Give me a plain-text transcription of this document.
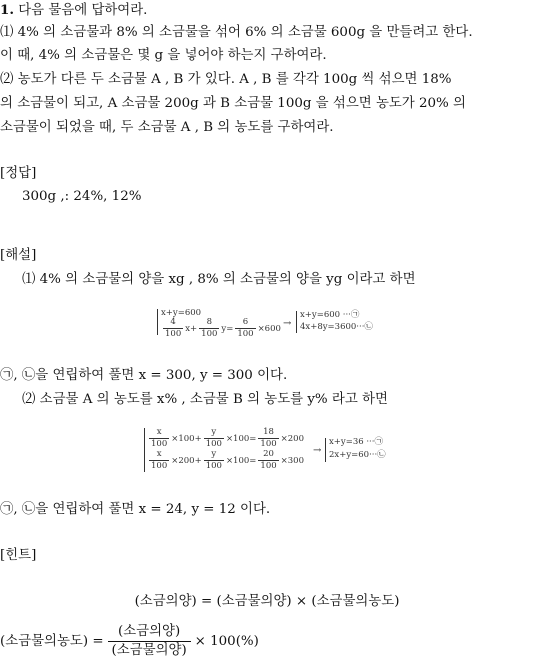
1. 다음 물음에 답하여라.
⑴ 4% 의 소금물과 8% 의 소금물을 섞어 6% 의 소금물 600g 을 만들려고 한다.
이 때, 4% 의 소금물은 몇 g 을 넣어야 하는지 구하여라.
⑵ 농도가 다른 두 소금물 A , B 가 있다. A , B 를 각각 100g 씩 섞으면 18%
의 소금물이 되고, A 소금물 200g 과 B 소금물 100g 을 섞으면 농도가 20% 의
소금물이 되었을 때, 두 소금물 A , B 의 농도를 구하여라.
[정답]
300g ,: 24%, 12%
[해설]
⑴ 4% 의 소금물의 양을 xg , 8% 의 소금물의 양을 yg 이라고 하면
x+y=600
$\frac{4}{100} x+ \frac{8}{100} y= \frac{6}{100} \times 600$ →
x+y=600 ···㉠
4x+8y=3600···㉡
㉠, ㉡을 연립하여 풀면 x = 300, y = 300 이다.
⑵ 소금물 A 의 농도를 x% , 소금물 B 의 농도를 y% 라고 하면
$\frac{x}{100} \times 100+ \frac{y}{100} \times 100= \frac{18}{100} \times 200$
$\frac{x}{100} \times 200+ \frac{y}{100} \times 100= \frac{20}{100} \times 300$
→
x+y=36 ···㉠
2x+y=60···㉡
㉠, ㉡을 연립하여 풀면 x = 24, y = 12 이다.
[힌트]
(소금의양) = (소금물의양) × (소금물의농도)
(소금물의농도) =
(소금의양)
(소금물의양)
× 100(%)
